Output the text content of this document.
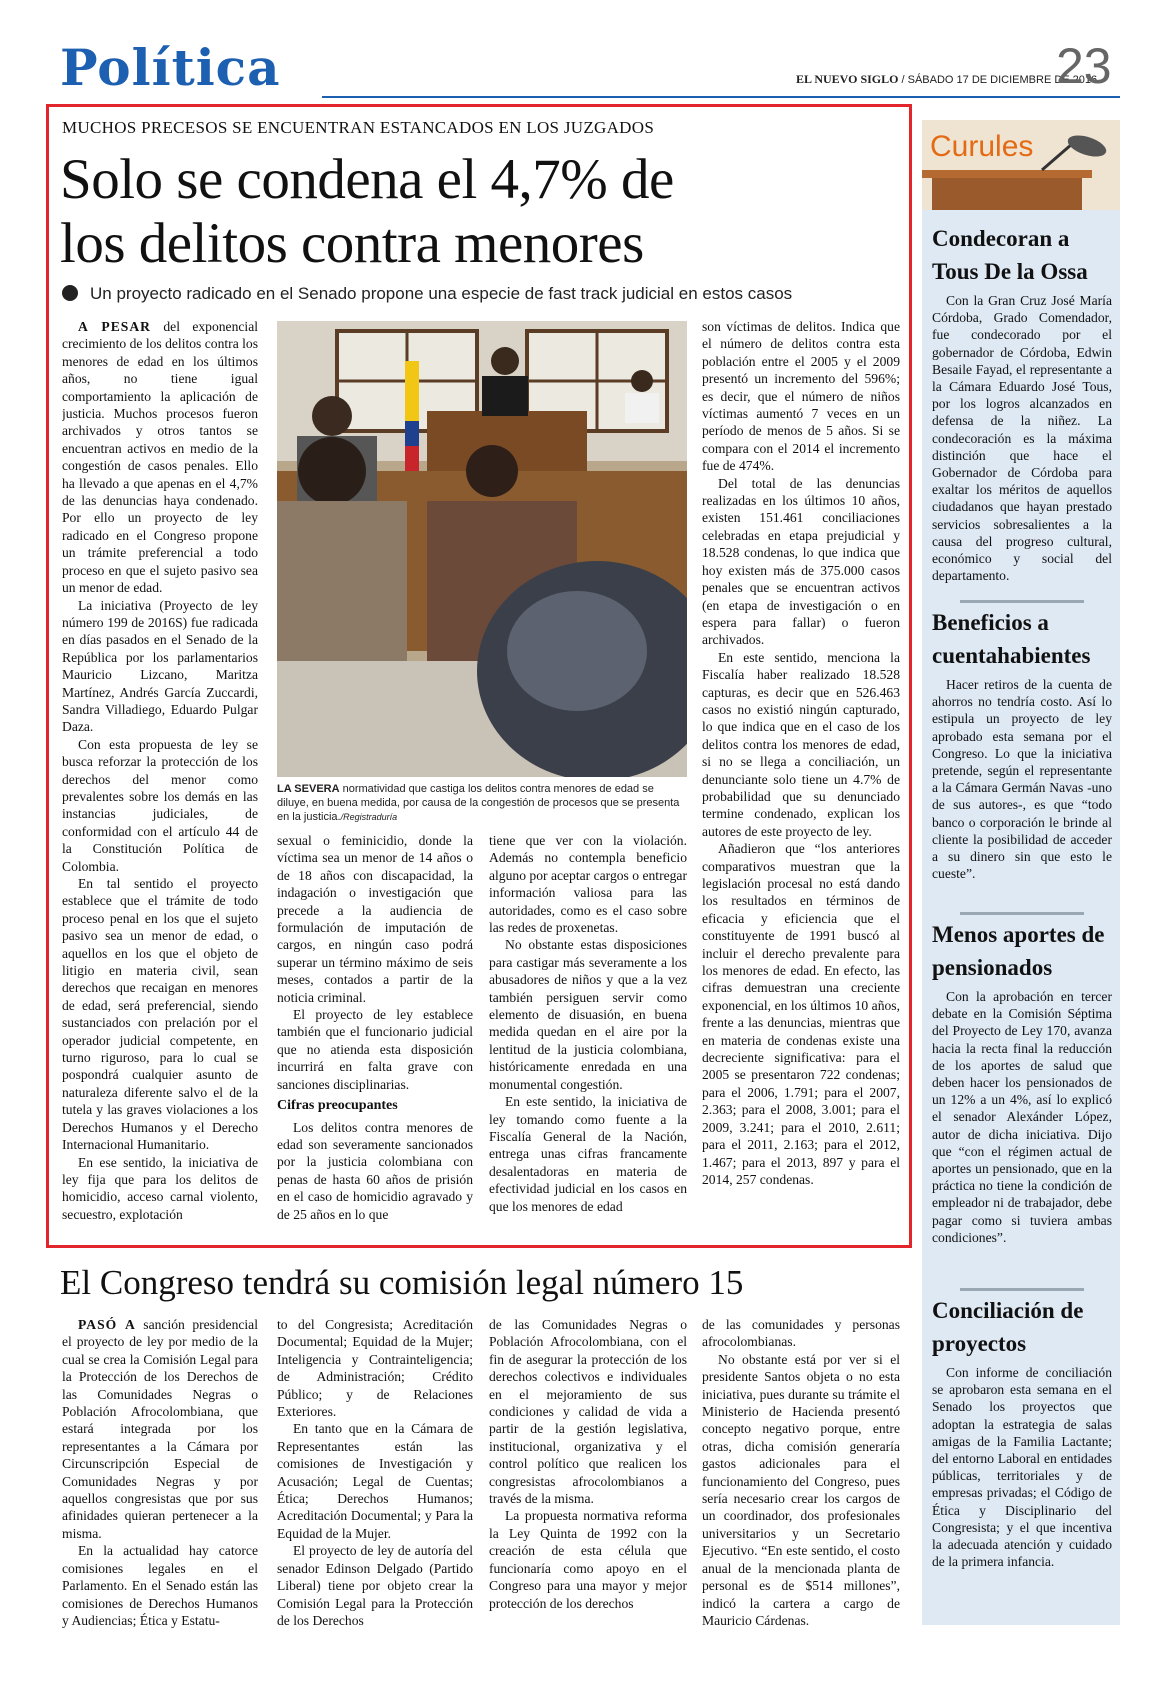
Política	EL NUEVO SIGLO / SÁBADO 17 DE DICIEMBRE DE 2016
23
MUCHOS PRECESOS SE ENCUENTRAN ESTANCADOS EN LOS JUZGADOS
Solo se condena el 4,7% de
los delitos contra menores
Un proyecto radicado en el Senado propone una especie de fast track judicial en estos casos

A PESAR del exponencial crecimiento de los delitos contra los menores de edad en los últimos años, no tiene igual comportamiento la aplicación de justicia. Muchos procesos fueron archivados y otros tantos se encuentran activos en medio de la congestión de casos penales. Ello ha llevado a que apenas en el 4,7% de las denuncias haya condenado. Por ello un proyecto de ley radicado en el Congreso propone un trámite preferencial a todo proceso en que el sujeto pasivo sea un menor de edad.

La iniciativa (Proyecto de ley número 199 de 2016S) fue radicada en días pasados en el Senado de la República por los parlamentarios Mauricio Lizcano, Maritza Martínez, Andrés García Zuccardi, Sandra Villadiego, Eduardo Pulgar Daza.

Con esta propuesta de ley se busca reforzar la protección de los derechos del menor como prevalentes sobre los demás en las instancias judiciales, de conformidad con el artículo 44 de la Constitución Política de Colombia.

En tal sentido el proyecto establece que el trámite de todo proceso penal en los que el sujeto pasivo sea un menor de edad, o aquellos en los que el objeto de litigio en materia civil, sean derechos que recaigan en menores de edad, será preferencial, siendo sustanciados con prelación por el operador judicial competente, en turno riguroso, para lo cual se pospondrá cualquier asunto de naturaleza diferente salvo el de la tutela y las graves violaciones a los Derechos Humanos y el Derecho Internacional Humanitario.

En ese sentido, la iniciativa de ley fija que para los delitos de homicidio, acceso carnal violento, secuestro, explotación

LA SEVERA normatividad que castiga los delitos contra menores de edad se diluye, en buena medida, por causa de la congestión de procesos que se presenta en la justicia./Registraduría

sexual o feminicidio, donde la víctima sea un menor de 14 años o de 18 años con discapacidad, la indagación o investigación que precede a la audiencia de formulación de imputación de cargos, en ningún caso podrá superar un término máximo de seis meses, contados a partir de la noticia criminal.

El proyecto de ley establece también que el funcionario judicial que no atienda esta disposición incurrirá en falta grave con sanciones disciplinarias.

Cifras preocupantes

Los delitos contra menores de edad son severamente sancionados por la justicia colombiana con penas de hasta 60 años de prisión en el caso de homicidio agravado y de 25 años en lo que

tiene que ver con la violación. Además no contempla beneficio alguno por aceptar cargos o entregar información valiosa para las autoridades, como es el caso sobre las redes de proxenetas.

No obstante estas disposiciones para castigar más severamente a los abusadores de niños y que a la vez también persiguen servir como elemento de disuasión, en buena medida quedan en el aire por la lentitud de la justicia colombiana, históricamente enredada en una monumental congestión.

En este sentido, la iniciativa de ley tomando como fuente a la Fiscalía General de la Nación, entrega unas cifras francamente desalentadoras en materia de efectividad judicial en los casos en que los menores de edad

son víctimas de delitos. Indica que el número de delitos contra esta población entre el 2005 y el 2009 presentó un incremento del 596%; es decir, que el número de niños víctimas aumentó 7 veces en un período de menos de 5 años. Si se compara con el 2014 el incremento fue de 474%.

Del total de las denuncias realizadas en los últimos 10 años, existen 151.461 conciliaciones celebradas en etapa prejudicial y 18.528 condenas, lo que indica que hoy existen más de 375.000 casos penales que se encuentran activos (en etapa de investigación o en espera para fallar) o fueron archivados.

En este sentido, menciona la Fiscalía haber realizado 18.528 capturas, es decir que en 526.463 casos no existió ningún capturado, lo que indica que en el caso de los delitos contra los menores de edad, si no se llega a conciliación, un denunciante solo tiene un 4.7% de probabilidad que su denunciado termine condenado, explican los autores de este proyecto de ley.

Añadieron que “los anteriores comparativos muestran que la legislación procesal no está dando los resultados en términos de eficacia y eficiencia que el constituyente de 1991 buscó al incluir el derecho prevalente para los menores de edad. En efecto, las cifras demuestran una creciente exponencial, en los últimos 10 años, frente a las denuncias, mientras que en materia de condenas existe una decreciente significativa: para el 2005 se presentaron 722 condenas; para el 2006, 1.791; para el 2007, 2.363; para el 2008, 3.001; para el 2009, 3.241; para el 2010, 2.611; para el 2011, 2.163; para el 2012, 1.467; para el 2013, 897 y para el 2014, 257 condenas.

El Congreso tendrá su comisión legal número 15

PASÓ A sanción presidencial el proyecto de ley por medio de la cual se crea la Comisión Legal para la Protección de los Derechos de las Comunidades Negras o Población Afrocolombiana, que estará integrada por los representantes a la Cámara por Circunscripción Especial de Comunidades Negras y por aquellos congresistas que por sus afinidades quieran pertenecer a la misma.

En la actualidad hay catorce comisiones legales en el Parlamento. En el Senado están las comisiones de Derechos Humanos y Audiencias; Ética y Estatu-

to del Congresista; Acreditación Documental; Equidad de la Mujer; Inteligencia y Contrainteligencia; de Administración; Crédito Público; y de Relaciones Exteriores.

En tanto que en la Cámara de Representantes están las comisiones de Investigación y Acusación; Legal de Cuentas; Ética; Derechos Humanos; Acreditación Documental; y Para la Equidad de la Mujer.

El proyecto de ley de autoría del senador Edinson Delgado (Partido Liberal) tiene por objeto crear la Comisión Legal para la Protección de los Derechos

de las Comunidades Negras o Población Afrocolombiana, con el fin de asegurar la protección de los derechos colectivos e individuales en el mejoramiento de sus condiciones y calidad de vida a partir de la gestión legislativa, institucional, organizativa y el control político que realicen los congresistas afrocolombianos a través de la misma.

La propuesta normativa reforma la Ley Quinta de 1992 con la creación de esta célula que funcionaría como apoyo en el Congreso para una mayor y mejor protección de los derechos

de las comunidades y personas afrocolombianas.

No obstante está por ver si el presidente Santos objeta o no esta iniciativa, pues durante su trámite el Ministerio de Hacienda presentó concepto negativo porque, entre otras, dicha comisión generaría gastos adicionales para el funcionamiento del Congreso, pues sería necesario crear los cargos de un coordinador, dos profesionales universitarios y un Secretario Ejecutivo. “En este sentido, el costo anual de la mencionada planta de personal es de $514 millones”, indicó la cartera a cargo de Mauricio Cárdenas.

Curules
Condecoran a Tous De la Ossa

Con la Gran Cruz José María Córdoba, Grado Comendador, fue condecorado por el gobernador de Córdoba, Edwin Besaile Fayad, el representante a la Cámara Eduardo José Tous, por los logros alcanzados en defensa de la niñez. La condecoración es la máxima distinción que hace el Gobernador de Córdoba para exaltar los méritos de aquellos ciudadanos que hayan prestado servicios sobresalientes a la causa del progreso cultural, económico y social del departamento.

Beneficios a cuentahabientes

Hacer retiros de la cuenta de ahorros no tendría costo. Así lo estipula un proyecto de ley aprobado esta semana por el Congreso. Lo que la iniciativa pretende, según el representante a la Cámara Germán Navas -uno de sus autores-, es que “todo banco o corporación le brinde al cliente la posibilidad de acceder a su dinero sin que esto le cueste”.

Menos aportes de pensionados

Con la aprobación en tercer debate en la Comisión Séptima del Proyecto de Ley 170, avanza hacia la recta final la reducción de los aportes de salud que deben hacer los pensionados de un 12% a un 4%, así lo explicó el senador Alexánder López, autor de dicha iniciativa. Dijo que “con el régimen actual de aportes un pensionado, que en la práctica no tiene la condición de empleador ni de trabajador, debe pagar como si tuviera ambas condiciones”.

Conciliación de proyectos

Con informe de conciliación se aprobaron esta semana en el Senado los proyectos que adoptan la estrategia de salas amigas de la Familia Lactante; del entorno Laboral en entidades públicas, territoriales y de empresas privadas; el Código de Ética y Disciplinario del Congresista; y el que incentiva la adecuada atención y cuidado de la primera infancia.
